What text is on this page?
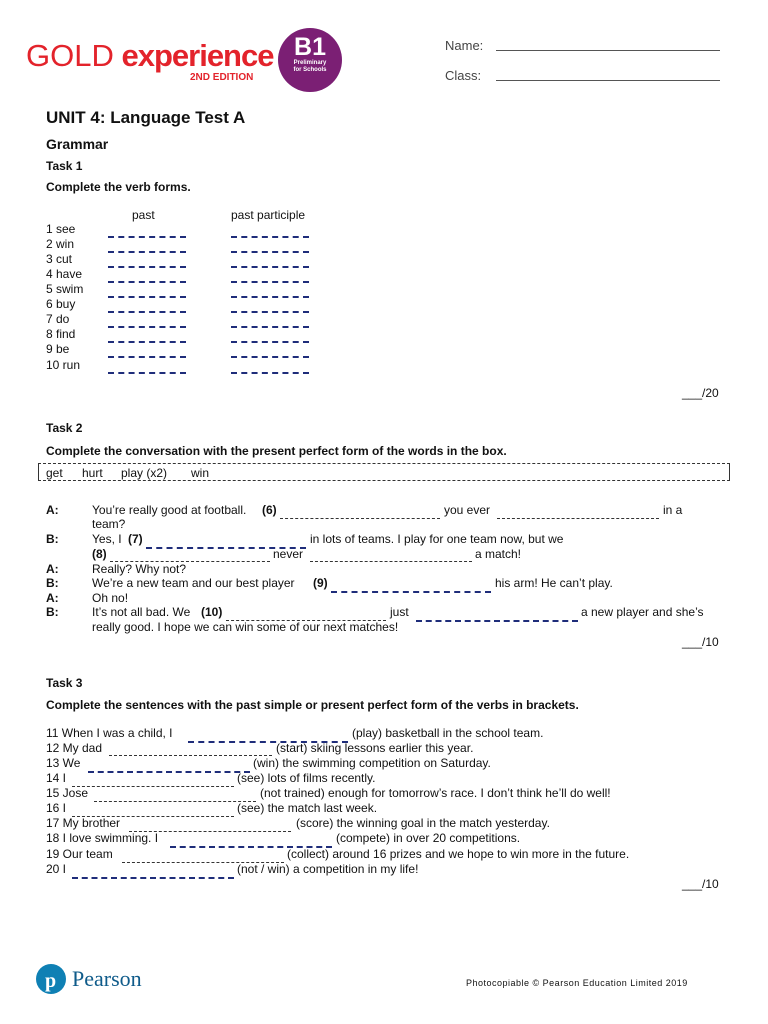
GOLD experience
2ND EDITION
B1
Preliminary
for Schools
Name:
Class:
UNIT 4: Language Test A
Grammar
Task 1
Complete the verb forms.
past	past participle
1 see
2 win
3 cut
4 have
5 swim
6 buy
7 do
8 find
9 be
10 run
___/20
Task 2
Complete the conversation with the present perfect form of the words in the box.
get hurt play (x2) win
A:	You’re really good at football. (6)	you ever	in a
team?
B:	Yes, I (7)	in lots of teams. I play for one team now, but we
(8)	never	a match!
A:	Really? Why not?
B:	We’re a new team and our best player (9)	his arm! He can’t play.
A:	Oh no!
B:	It’s not all bad. We (10)	just	a new player and she’s
really good. I hope we can win some of our next matches!
___/10
Task 3
Complete the sentences with the past simple or present perfect form of the verbs in brackets.
11 When I was a child, I	(play) basketball in the school team.
12 My dad	(start) skiing lessons earlier this year.
13 We	(win) the swimming competition on Saturday.
14 I	(see) lots of films recently.
15 Jose	(not trained) enough for tomorrow’s race. I don’t think he’ll do well!
16 I	(see) the match last week.
17 My brother	(score) the winning goal in the match yesterday.
18 I love swimming. I	(compete) in over 20 competitions.
19 Our team	(collect) around 16 prizes and we hope to win more in the future.
20 I	(not / win) a competition in my life!
___/10
p Pearson	Photocopiable © Pearson Education Limited 2019
